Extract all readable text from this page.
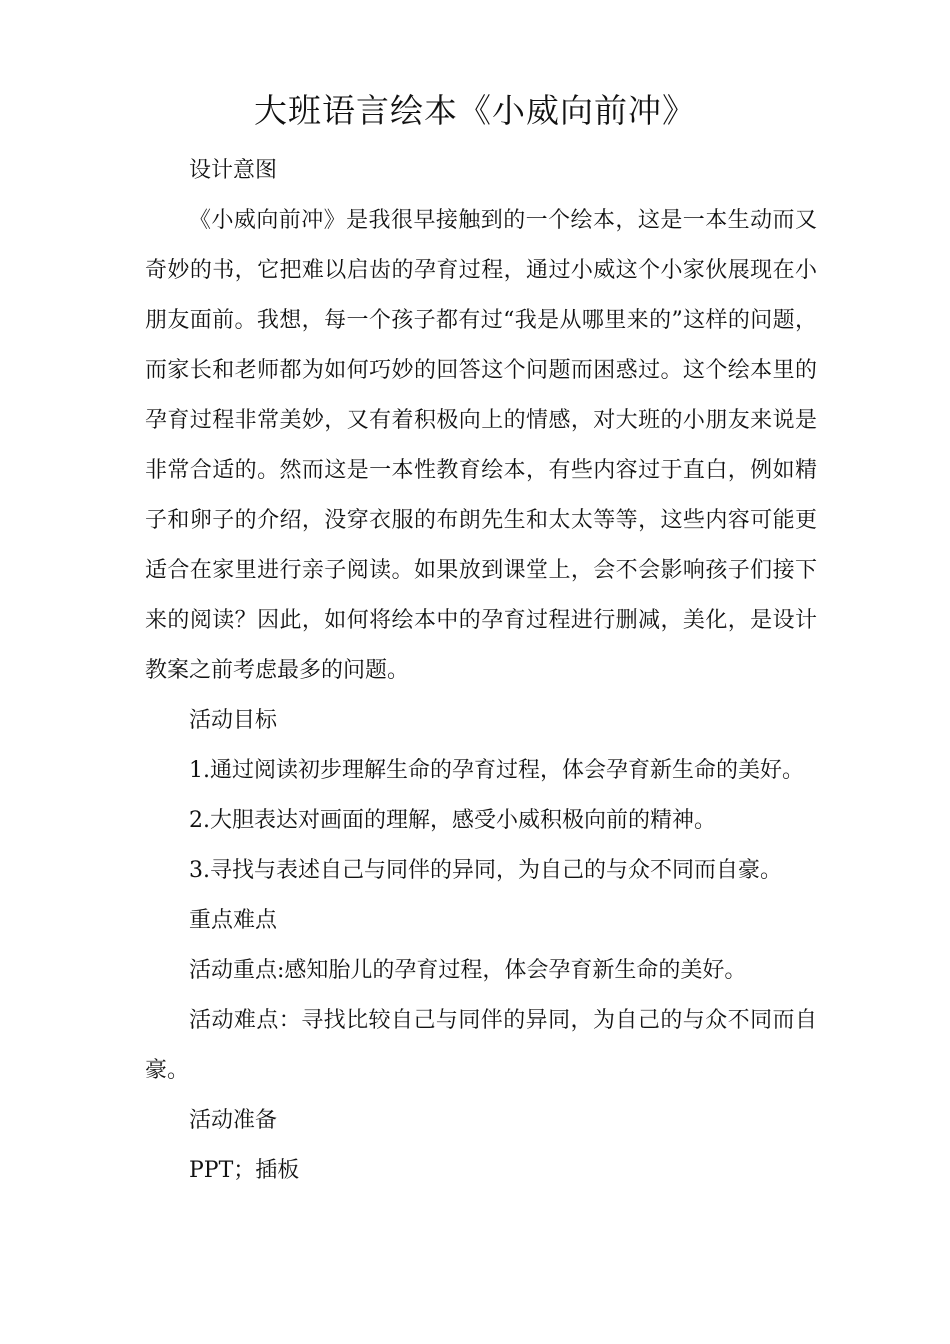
大班语言绘本《小威向前冲》
设计意图
《小威向前冲》是我很早接触到的一个绘本，这是一本生动而又
奇妙的书，它把难以启齿的孕育过程，通过小威这个小家伙展现在小
朋友面前。我想，每一个孩子都有过“我是从哪里来的”这样的问题，
而家长和老师都为如何巧妙的回答这个问题而困惑过。这个绘本里的
孕育过程非常美妙，又有着积极向上的情感，对大班的小朋友来说是
非常合适的。然而这是一本性教育绘本，有些内容过于直白，例如精
子和卵子的介绍，没穿衣服的布朗先生和太太等等，这些内容可能更
适合在家里进行亲子阅读。如果放到课堂上，会不会影响孩子们接下
来的阅读？因此，如何将绘本中的孕育过程进行删减，美化，是设计
教案之前考虑最多的问题。
活动目标
1.通过阅读初步理解生命的孕育过程，体会孕育新生命的美好。
2.大胆表达对画面的理解，感受小威积极向前的精神。
3.寻找与表述自己与同伴的异同，为自己的与众不同而自豪。
重点难点
活动重点:感知胎儿的孕育过程，体会孕育新生命的美好。
活动难点：寻找比较自己与同伴的异同，为自己的与众不同而自
豪。
活动准备
PPT；插板
